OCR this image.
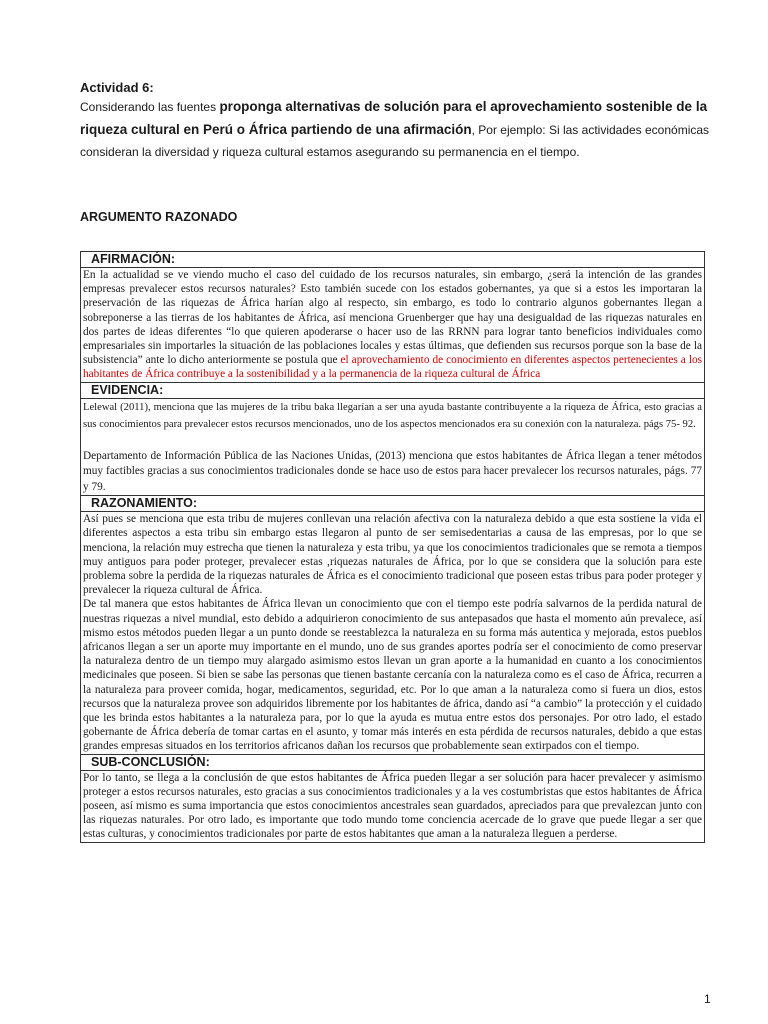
Actividad 6:
Considerando las fuentes proponga alternativas de solución para el aprovechamiento sostenible de la riqueza cultural en Perú o África partiendo de una afirmación, Por ejemplo: Si las actividades económicas consideran la diversidad y riqueza cultural estamos asegurando su permanencia en el tiempo.
ARGUMENTO RAZONADO
AFIRMACIÓN:

En la actualidad se ve viendo mucho el caso del cuidado de los recursos naturales, sin embargo, ¿será la intención de las grandes empresas prevalecer estos recursos naturales? Esto también sucede con los estados gobernantes, ya que si a estos les importaran la preservación de las riquezas de África harían algo al respecto, sin embargo, es todo lo contrario algunos gobernantes llegan a sobreponerse a las tierras de los habitantes de África, así menciona Gruenberger que hay una desigualdad de las riquezas naturales en dos partes de ideas diferentes “lo que quieren apoderarse o hacer uso de las RRNN para lograr tanto beneficios individuales como empresariales sin importarles la situación de las poblaciones locales y estas últimas, que defienden sus recursos porque son la base de la subsistencia” ante lo dicho anteriormente se postula que el aprovechamiento de conocimiento en diferentes aspectos pertenecientes a los habitantes de África contribuye a la sostenibilidad y a la permanencia de la riqueza cultural de África

EVIDENCIA:

Lelewal (2011), menciona que las mujeres de la tribu baka llegarían a ser una ayuda bastante contribuyente a la riqueza de África, esto gracias a sus conocimientos para prevalecer estos recursos mencionados, uno de los aspectos mencionados era su conexión con la naturaleza. págs 75- 92.

Departamento de Información Pública de las Naciones Unidas, (2013) menciona que estos habitantes de África llegan a tener métodos muy factibles gracias a sus conocimientos tradicionales donde se hace uso de estos para hacer prevalecer los recursos naturales, págs. 77 y 79.

RAZONAMIENTO:

Así pues se menciona que esta tribu de mujeres conllevan una relación afectiva con la naturaleza debido a que esta sostiene la vida el diferentes aspectos a esta tribu sin embargo estas llegaron al punto de ser semisedentarias a causa de las empresas, por lo que se menciona, la relación muy estrecha que tienen la naturaleza y esta tribu, ya que los conocimientos tradicionales que se remota a tiempos muy antiguos para poder proteger, prevalecer estas ,riquezas naturales de África, por lo que se considera que la solución para este problema sobre la perdida de la riquezas naturales de África es el conocimiento tradicional que poseen estas tribus para poder proteger y prevalecer la riqueza cultural de África.

De tal manera que estos habitantes de África llevan un conocimiento que con el tiempo este podría salvarnos de la perdida natural de nuestras riquezas a nivel mundial, esto debido a adquirieron conocimiento de sus antepasados que hasta el momento aún prevalece, así mismo estos métodos pueden llegar a un punto donde se reestablezca la naturaleza en su forma más autentica y mejorada, estos pueblos africanos llegan a ser un aporte muy importante en el mundo, uno de sus grandes aportes podría ser el conocimiento de como preservar la naturaleza dentro de un tiempo muy alargado asimismo estos llevan un gran aporte a la humanidad en cuanto a los conocimientos medicinales que poseen. Si bien se sabe las personas que tienen bastante cercanía con la naturaleza como es el caso de África, recurren a la naturaleza para proveer comida, hogar, medicamentos, seguridad, etc. Por lo que aman a la naturaleza como si fuera un dios, estos recursos que la naturaleza provee son adquiridos libremente por los habitantes de áfrica, dando así “a cambio” la protección y el cuidado que les brinda estos habitantes a la naturaleza para, por lo que la ayuda es mutua entre estos dos personajes. Por otro lado, el estado gobernante de África debería de tomar cartas en el asunto, y tomar más interés en esta pérdida de recursos naturales, debido a que estas grandes empresas situados en los territorios africanos dañan los recursos que probablemente sean extirpados con el tiempo.

SUB-CONCLUSIÓN:

Por lo tanto, se llega a la conclusión de que estos habitantes de África pueden llegar a ser solución para hacer prevalecer y asimismo proteger a estos recursos naturales, esto gracias a sus conocimientos tradicionales y a la ves costumbristas que estos habitantes de África poseen, así mismo es suma importancia que estos conocimientos ancestrales sean guardados, apreciados para que prevalezcan junto con las riquezas naturales. Por otro lado, es importante que todo mundo tome conciencia acercade de lo grave que puede llegar a ser que estas culturas, y conocimientos tradicionales por parte de estos habitantes que aman a la naturaleza lleguen a perderse.

1
